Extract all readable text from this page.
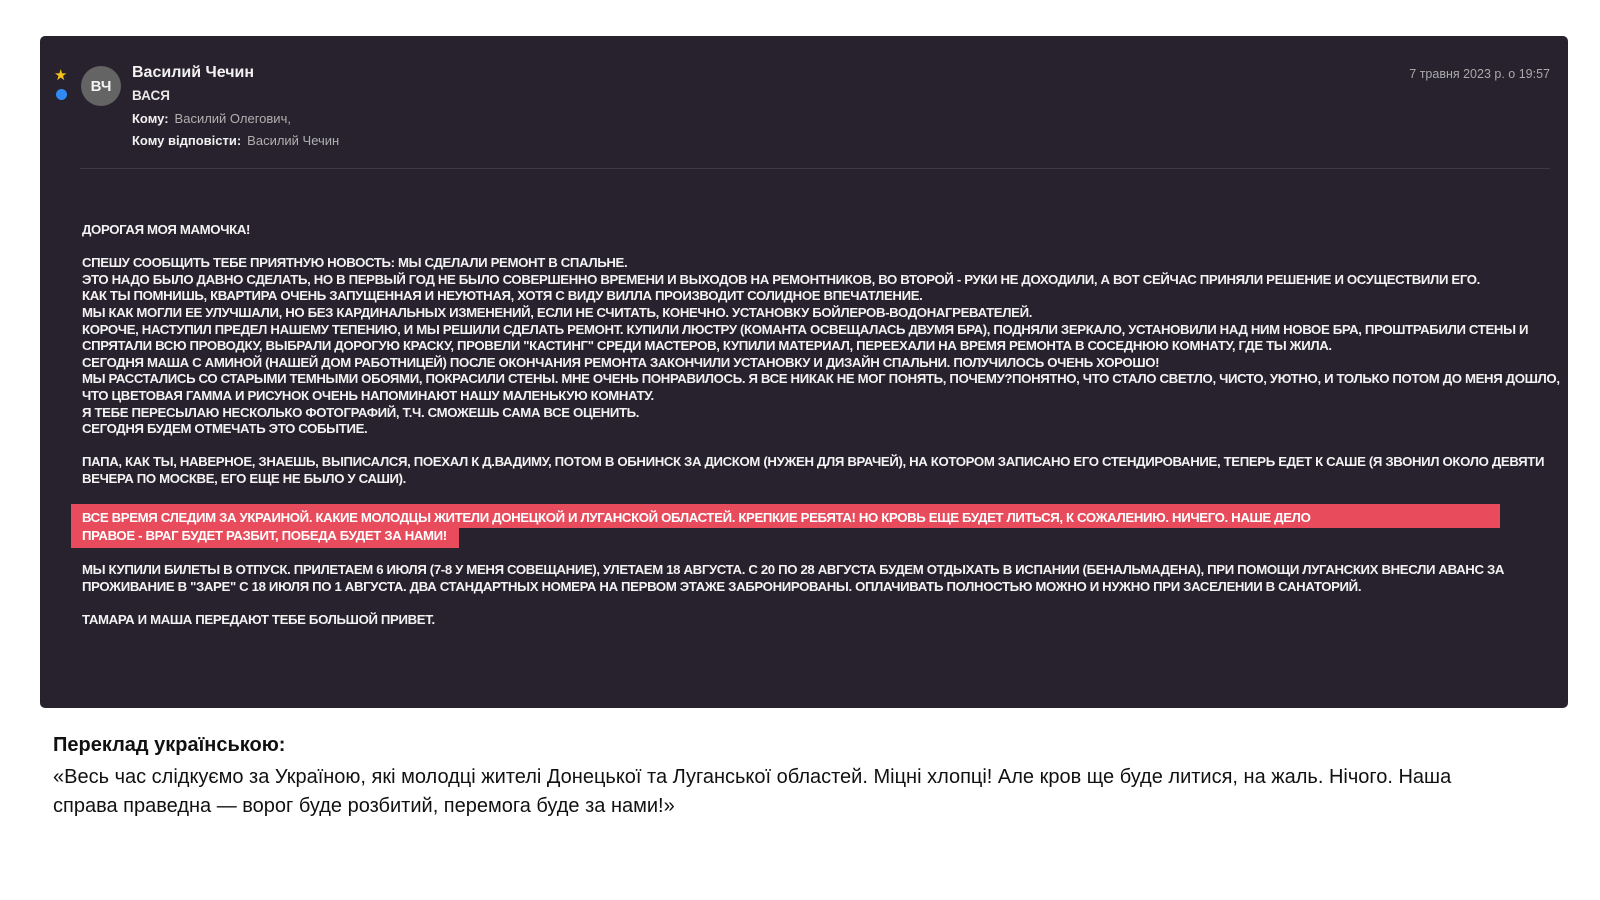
★
ВЧ
Василий Чечин
ВАСЯ
Кому: Василий Олегович,
Кому відповісти: Василий Чечин
7 травня 2023 р. о 19:57

ДОРОГАЯ МОЯ МАМОЧКА!

СПЕШУ СООБЩИТЬ ТЕБЕ ПРИЯТНУЮ НОВОСТЬ: МЫ СДЕЛАЛИ РЕМОНТ В СПАЛЬНЕ.

ЭТО НАДО БЫЛО ДАВНО СДЕЛАТЬ, НО В ПЕРВЫЙ ГОД НЕ БЫЛО СОВЕРШЕННО ВРЕМЕНИ И ВЫХОДОВ НА РЕМОНТНИКОВ, ВО ВТОРОЙ - РУКИ НЕ ДОХОДИЛИ, А ВОТ СЕЙЧАС ПРИНЯЛИ РЕШЕНИЕ И ОСУЩЕСТВИЛИ ЕГО.

КАК ТЫ ПОМНИШЬ, КВАРТИРА ОЧЕНЬ ЗАПУЩЕННАЯ И НЕУЮТНАЯ, ХОТЯ С ВИДУ ВИЛЛА ПРОИЗВОДИТ СОЛИДНОЕ ВПЕЧАТЛЕНИЕ.

МЫ КАК МОГЛИ ЕЕ УЛУЧШАЛИ, НО БЕЗ КАРДИНАЛЬНЫХ ИЗМЕНЕНИЙ, ЕСЛИ НЕ СЧИТАТЬ, КОНЕЧНО. УСТАНОВКУ БОЙЛЕРОВ-ВОДОНАГРЕВАТЕЛЕЙ.

КОРОЧЕ, НАСТУПИЛ ПРЕДЕЛ НАШЕМУ ТЕПЕНИЮ, И МЫ РЕШИЛИ СДЕЛАТЬ РЕМОНТ. КУПИЛИ ЛЮСТРУ (КОМАНТА ОСВЕЩАЛАСЬ ДВУМЯ БРА), ПОДНЯЛИ ЗЕРКАЛО, УСТАНОВИЛИ НАД НИМ НОВОЕ БРА, ПРОШТРАБИЛИ СТЕНЫ И СПРЯТАЛИ ВСЮ ПРОВОДКУ, ВЫБРАЛИ ДОРОГУЮ КРАСКУ, ПРОВЕЛИ "КАСТИНГ" СРЕДИ МАСТЕРОВ, КУПИЛИ МАТЕРИАЛ, ПЕРЕЕХАЛИ НА ВРЕМЯ РЕМОНТА В СОСЕДНЮЮ КОМНАТУ, ГДЕ ТЫ ЖИЛА.

СЕГОДНЯ МАША С АМИНОЙ (НАШЕЙ ДОМ РАБОТНИЦЕЙ) ПОСЛЕ ОКОНЧАНИЯ РЕМОНТА ЗАКОНЧИЛИ УСТАНОВКУ И ДИЗАЙН СПАЛЬНИ. ПОЛУЧИЛОСЬ ОЧЕНЬ ХОРОШО!

МЫ РАССТАЛИСЬ СО СТАРЫМИ ТЕМНЫМИ ОБОЯМИ, ПОКРАСИЛИ СТЕНЫ. МНЕ ОЧЕНЬ ПОНРАВИЛОСЬ. Я ВСЕ НИКАК НЕ МОГ ПОНЯТЬ, ПОЧЕМУ?ПОНЯТНО, ЧТО СТАЛО СВЕТЛО, ЧИСТО, УЮТНО, И ТОЛЬКО ПОТОМ ДО МЕНЯ ДОШЛО, ЧТО ЦВЕТОВАЯ ГАММА И РИСУНОК ОЧЕНЬ НАПОМИНАЮТ НАШУ МАЛЕНЬКУЮ КОМНАТУ.

Я ТЕБЕ ПЕРЕСЫЛАЮ НЕСКОЛЬКО ФОТОГРАФИЙ, Т.Ч. СМОЖЕШЬ САМА ВСЕ ОЦЕНИТЬ.

СЕГОДНЯ БУДЕМ ОТМЕЧАТЬ ЭТО СОБЫТИЕ.

ПАПА, КАК ТЫ, НАВЕРНОЕ, ЗНАЕШЬ, ВЫПИСАЛСЯ, ПОЕХАЛ К Д.ВАДИМУ, ПОТОМ В ОБНИНСК ЗА ДИСКОМ (НУЖЕН ДЛЯ ВРАЧЕЙ), НА КОТОРОМ ЗАПИСАНО ЕГО СТЕНДИРОВАНИЕ, ТЕПЕРЬ ЕДЕТ К САШЕ (Я ЗВОНИЛ ОКОЛО ДЕВЯТИ ВЕЧЕРА ПО МОСКВЕ, ЕГО ЕЩЕ НЕ БЫЛО У САШИ).

ВСЕ ВРЕМЯ СЛЕДИМ ЗА УКРАИНОЙ. КАКИЕ МОЛОДЦЫ ЖИТЕЛИ ДОНЕЦКОЙ И ЛУГАНСКОЙ ОБЛАСТЕЙ. КРЕПКИЕ РЕБЯТА! НО КРОВЬ ЕЩЕ БУДЕТ ЛИТЬСЯ, К СОЖАЛЕНИЮ. НИЧЕГО. НАШЕ ДЕЛО
ПРАВОЕ - ВРАГ БУДЕТ РАЗБИТ, ПОБЕДА БУДЕТ ЗА НАМИ!

МЫ КУПИЛИ БИЛЕТЫ В ОТПУСК. ПРИЛЕТАЕМ 6 ИЮЛЯ (7-8 У МЕНЯ СОВЕЩАНИЕ), УЛЕТАЕМ 18 АВГУСТА. С 20 ПО 28 АВГУСТА БУДЕМ ОТДЫХАТЬ В ИСПАНИИ (БЕНАЛЬМАДЕНА), ПРИ ПОМОЩИ ЛУГАНСКИХ ВНЕСЛИ АВАНС ЗА ПРОЖИВАНИЕ В "ЗАРЕ" С 18 ИЮЛЯ ПО 1 АВГУСТА. ДВА СТАНДАРТНЫХ НОМЕРА НА ПЕРВОМ ЭТАЖЕ ЗАБРОНИРОВАНЫ. ОПЛАЧИВАТЬ ПОЛНОСТЬЮ МОЖНО И НУЖНО ПРИ ЗАСЕЛЕНИИ В САНАТОРИЙ.

ТАМАРА И МАША ПЕРЕДАЮТ ТЕБЕ БОЛЬШОЙ ПРИВЕТ.

Переклад українською:

«Весь час слідкуємо за Україною, які молодці жителі Донецької та Луганської областей. Міцні хлопці! Але кров ще буде литися, на жаль. Нічого. Наша справа праведна — ворог буде розбитий, перемога буде за нами!»
